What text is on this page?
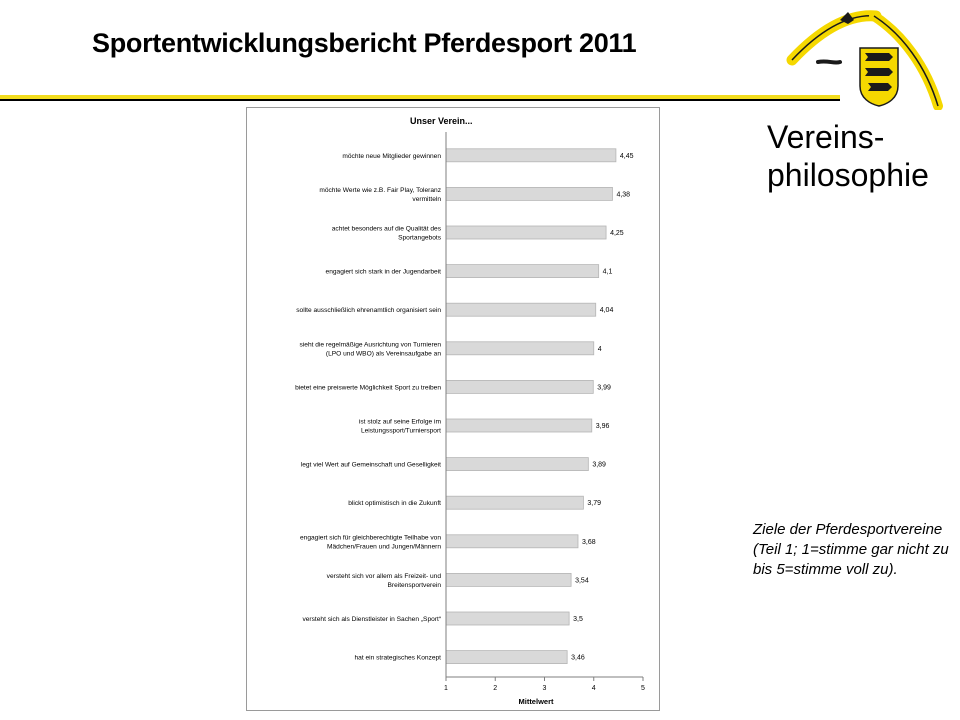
Sportentwicklungsbericht Pferdesport 2011
Vereins-
philosophie
Ziele der Pferdesportvereine (Teil 1; 1=stimme gar nicht zu bis 5=stimme voll zu).
Unser Verein...
4,45
möchte neue Mitglieder gewinnen
4,38
möchte Werte wie z.B. Fair Play, Toleranz
vermitteln
4,25
achtet besonders auf die Qualität des
Sportangebots
4,1
engagiert sich stark in der Jugendarbeit
4,04
sollte ausschließlich ehrenamtlich organisiert sein
4
sieht die regelmäßige Ausrichtung von Turnieren
(LPO und WBO) als Vereinsaufgabe an
3,99
bietet eine preiswerte Möglichkeit Sport zu treiben
3,96
ist stolz auf seine Erfolge im
Leistungssport/Turniersport
3,89
legt viel Wert auf Gemeinschaft und Geselligkeit
3,79
blickt optimistisch in die Zukunft
3,68
engagiert sich für gleichberechtigte Teilhabe von
Mädchen/Frauen und Jungen/Männern
3,54
versteht sich vor allem als Freizeit- und
Breitensportverein
3,5
versteht sich als Dienstleister in Sachen „Sport“
3,46
hat ein strategisches Konzept
1	2	3	4	5
Mittelwert
